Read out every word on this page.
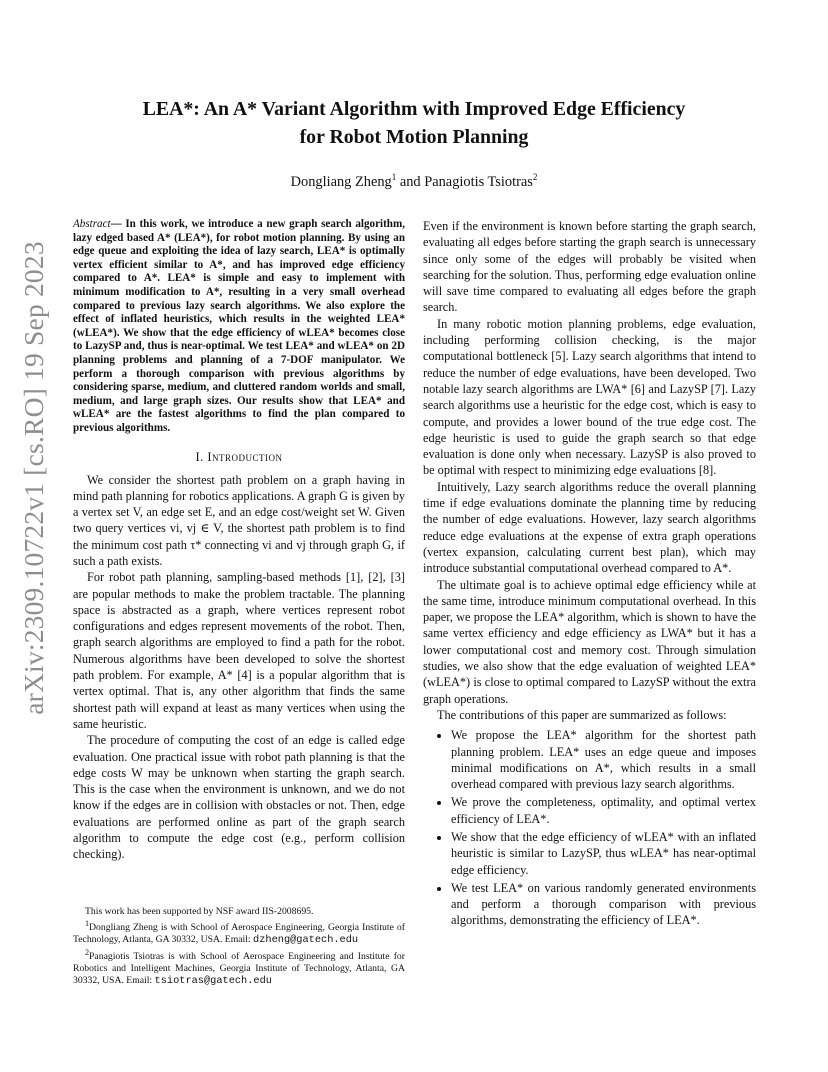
arXiv:2309.10722v1 [cs.RO] 19 Sep 2023
LEA*: An A* Variant Algorithm with Improved Edge Efficiency
for Robot Motion Planning
Dongliang Zheng$^1$ and Panagiotis Tsiotras$^2$

Abstract— In this work, we introduce a new graph search algorithm, lazy edged based A* (LEA*), for robot motion planning. By using an edge queue and exploiting the idea of lazy search, LEA* is optimally vertex efficient similar to A*, and has improved edge efficiency compared to A*. LEA* is simple and easy to implement with minimum modification to A*, resulting in a very small overhead compared to previous lazy search algorithms. We also explore the effect of inflated heuristics, which results in the weighted LEA* (wLEA*). We show that the edge efficiency of wLEA* becomes close to LazySP and, thus is near-optimal. We test LEA* and wLEA* on 2D planning problems and planning of a 7-DOF manipulator. We perform a thorough comparison with previous algorithms by considering sparse, medium, and cluttered random worlds and small, medium, and large graph sizes. Our results show that LEA* and wLEA* are the fastest algorithms to find the plan compared to previous algorithms.

I. Introduction

We consider the shortest path problem on a graph having in mind path planning for robotics applications. A graph G is given by a vertex set V, an edge set E, and an edge cost/weight set W. Given two query vertices vi, vj ∈ V, the shortest path problem is to find the minimum cost path τ* connecting vi and vj through graph G, if such a path exists.

For robot path planning, sampling-based methods [1], [2], [3] are popular methods to make the problem tractable. The planning space is abstracted as a graph, where vertices represent robot configurations and edges represent movements of the robot. Then, graph search algorithms are employed to find a path for the robot. Numerous algorithms have been developed to solve the shortest path problem. For example, A* [4] is a popular algorithm that is vertex optimal. That is, any other algorithm that finds the same shortest path will expand at least as many vertices when using the same heuristic.

The procedure of computing the cost of an edge is called edge evaluation. One practical issue with robot path planning is that the edge costs W may be unknown when starting the graph search. This is the case when the environment is unknown, and we do not know if the edges are in collision with obstacles or not. Then, edge evaluations are performed online as part of the graph search algorithm to compute the edge cost (e.g., perform collision checking).

This work has been supported by NSF award IIS-2008695.

$^1$Dongliang Zheng is with School of Aerospace Engineering, Georgia Institute of Technology, Atlanta, GA 30332, USA. Email: dzheng@gatech.edu

$^2$Panagiotis Tsiotras is with School of Aerospace Engineering and Institute for Robotics and Intelligent Machines, Georgia Institute of Technology, Atlanta, GA 30332, USA. Email: tsiotras@gatech.edu

Even if the environment is known before starting the graph search, evaluating all edges before starting the graph search is unnecessary since only some of the edges will probably be visited when searching for the solution. Thus, performing edge evaluation online will save time compared to evaluating all edges before the graph search.

In many robotic motion planning problems, edge evaluation, including performing collision checking, is the major computational bottleneck [5]. Lazy search algorithms that intend to reduce the number of edge evaluations, have been developed. Two notable lazy search algorithms are LWA* [6] and LazySP [7]. Lazy search algorithms use a heuristic for the edge cost, which is easy to compute, and provides a lower bound of the true edge cost. The edge heuristic is used to guide the graph search so that edge evaluation is done only when necessary. LazySP is also proved to be optimal with respect to minimizing edge evaluations [8].

Intuitively, Lazy search algorithms reduce the overall planning time if edge evaluations dominate the planning time by reducing the number of edge evaluations. However, lazy search algorithms reduce edge evaluations at the expense of extra graph operations (vertex expansion, calculating current best plan), which may introduce substantial computational overhead compared to A*.

The ultimate goal is to achieve optimal edge efficiency while at the same time, introduce minimum computational overhead. In this paper, we propose the LEA* algorithm, which is shown to have the same vertex efficiency and edge efficiency as LWA* but it has a lower computational cost and memory cost. Through simulation studies, we also show that the edge evaluation of weighted LEA* (wLEA*) is close to optimal compared to LazySP without the extra graph operations.

The contributions of this paper are summarized as follows:

• We propose the LEA* algorithm for the shortest path planning problem. LEA* uses an edge queue and imposes minimal modifications on A*, which results in a small overhead compared with previous lazy search algorithms.
• We prove the completeness, optimality, and optimal vertex efficiency of LEA*.
• We show that the edge efficiency of wLEA* with an inflated heuristic is similar to LazySP, thus wLEA* has near-optimal edge efficiency.
• We test LEA* on various randomly generated environments and perform a thorough comparison with previous algorithms, demonstrating the efficiency of LEA*.
